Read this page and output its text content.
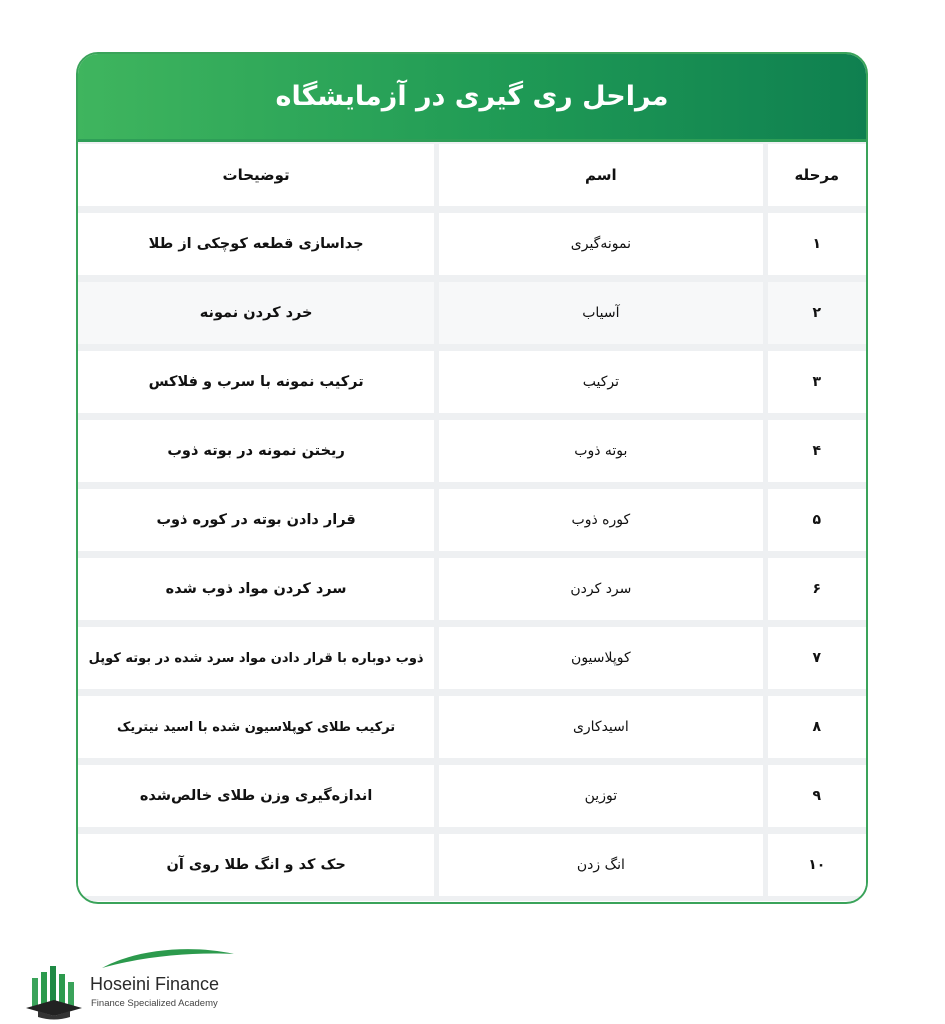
مراحل ری گیری در آزمایشگاه
مرحله
اسم
توضیحات
۱
نمونه‌گیری
جداسازی قطعه کوچکی از طلا
۲
آسیاب
خرد کردن نمونه
۳
ترکیب
ترکیب نمونه با سرب و فلاکس
۴
بوته ذوب
ریختن نمونه در بوته ذوب
۵
کوره ذوب
قرار دادن بوته در کوره ذوب
۶
سرد کردن
سرد کردن مواد ذوب شده
۷
کوپلاسیون
ذوب دوباره با قرار دادن مواد سرد شده در بوته کوپل
۸
اسیدکاری
ترکیب طلای کوپلاسیون شده با اسید نیتریک
۹
توزین
اندازه‌گیری وزن طلای خالص‌شده
۱۰
انگ زدن
حک کد و انگ طلا روی آن
Hoseini Finance
Finance Specialized Academy
